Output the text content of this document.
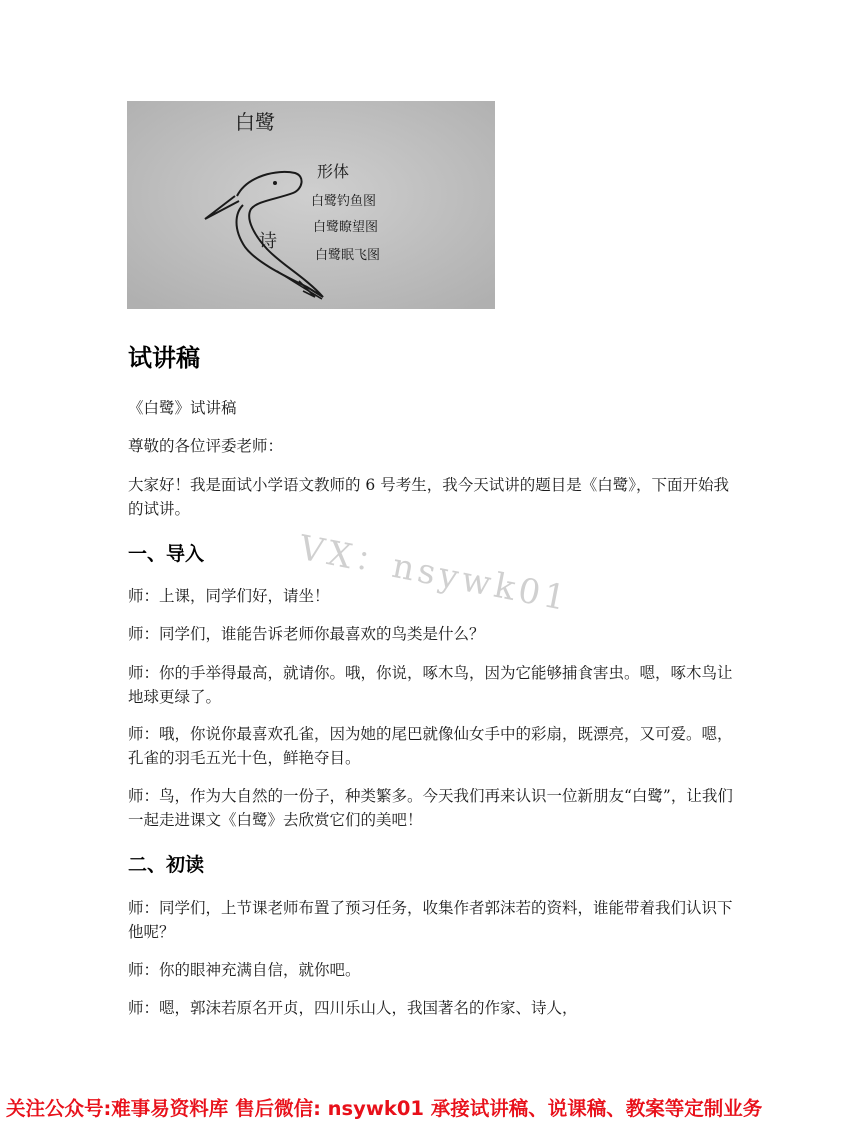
白鹭
形体
白鹭钓鱼图
白鹭瞭望图
白鹭眠飞图
诗
试讲稿

《白鹭》试讲稿

尊敬的各位评委老师：

大家好！我是面试小学语文教师的 6 号考生，我今天试讲的题目是《白鹭》，下面开始我的试讲。

VX：nsywk01
一、导入

师：上课，同学们好，请坐！

师：同学们，谁能告诉老师你最喜欢的鸟类是什么？

师：你的手举得最高，就请你。哦，你说，啄木鸟，因为它能够捕食害虫。嗯，啄木鸟让地球更绿了。

师：哦，你说你最喜欢孔雀，因为她的尾巴就像仙女手中的彩扇，既漂亮，又可爱。嗯，孔雀的羽毛五光十色，鲜艳夺目。

师：鸟，作为大自然的一份子，种类繁多。今天我们再来认识一位新朋友“白鹭”，让我们一起走进课文《白鹭》去欣赏它们的美吧！

二、初读

师：同学们，上节课老师布置了预习任务，收集作者郭沫若的资料，谁能带着我们认识下他呢？

师：你的眼神充满自信，就你吧。

师：嗯，郭沫若原名开贞，四川乐山人，我国著名的作家、诗人，

关注公众号:难事易资料库 售后微信: nsywk01 承接试讲稿、说课稿、教案等定制业务
